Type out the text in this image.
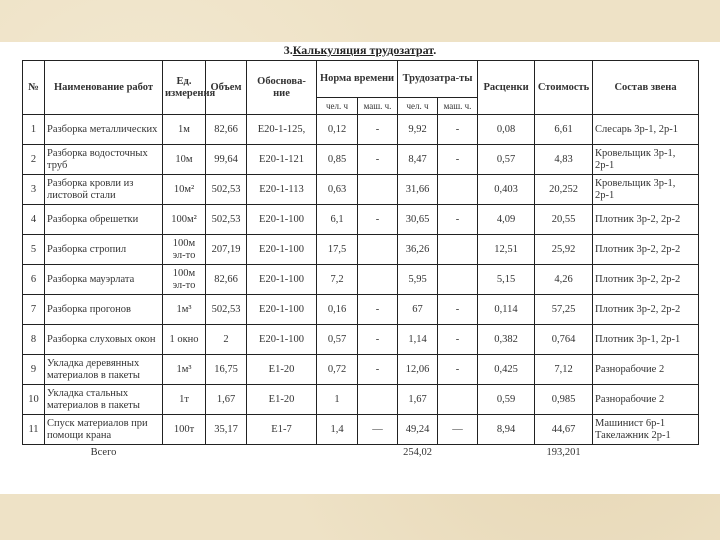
3.Калькуляция трудозатрат.
№	Наименование работ	Ед. измерения	Объем	Обоснова-ние	Норма времени		Трудозатра-ты		Расценки	Стоимость	Состав звена
					чел. ч	маш. ч.	чел. ч	маш. ч.			
1	Разборка металлических	1м	82,66	Е20-1-125,	0,12	-	9,92	-	0,08	6,61	Слесарь 3р-1, 2р-1
2	Разборка водосточных труб	10м	99,64	Е20-1-121	0,85	-	8,47	-	0,57	4,83	Кровельщик 3р-1, 2р-1
3	Разборка кровли из листовой стали	10м²	502,53	Е20-1-113	0,63		31,66		0,403	20,252	Кровельщик 3р-1, 2р-1
4	Разборка обрешетки	100м²	502,53	Е20-1-100	6,1	-	30,65	-	4,09	20,55	Плотник 3р-2, 2р-2
5	Разборка стропил	100м эл-то	207,19	Е20-1-100	17,5		36,26		12,51	25,92	Плотник 3р-2, 2р-2
6	Разборка мауэрлата	100м эл-то	82,66	Е20-1-100	7,2		5,95		5,15	4,26	Плотник 3р-2, 2р-2
7	Разборка прогонов	1м³	502,53	Е20-1-100	0,16	-	67	-	0,114	57,25	Плотник 3р-2, 2р-2
8	Разборка слуховых окон	1 окно	2	Е20-1-100	0,57	-	1,14	-	0,382	0,764	Плотник 3р-1, 2р-1
9	Укладка деревянных материалов в пакеты	1м³	16,75	Е1-20	0,72	-	12,06	-	0,425	7,12	Разнорабочие 2
10	Укладка стальных материалов в пакеты	1т	1,67	Е1-20	1		1,67		0,59	0,985	Разнорабочие 2
11	Спуск материалов при помощи крана	100т	35,17	Е1-7	1,4	—	49,24	—	8,94	44,67	Машинист 6р-1 Такелажник 2р-1
	Всего						254,02			193,201	
